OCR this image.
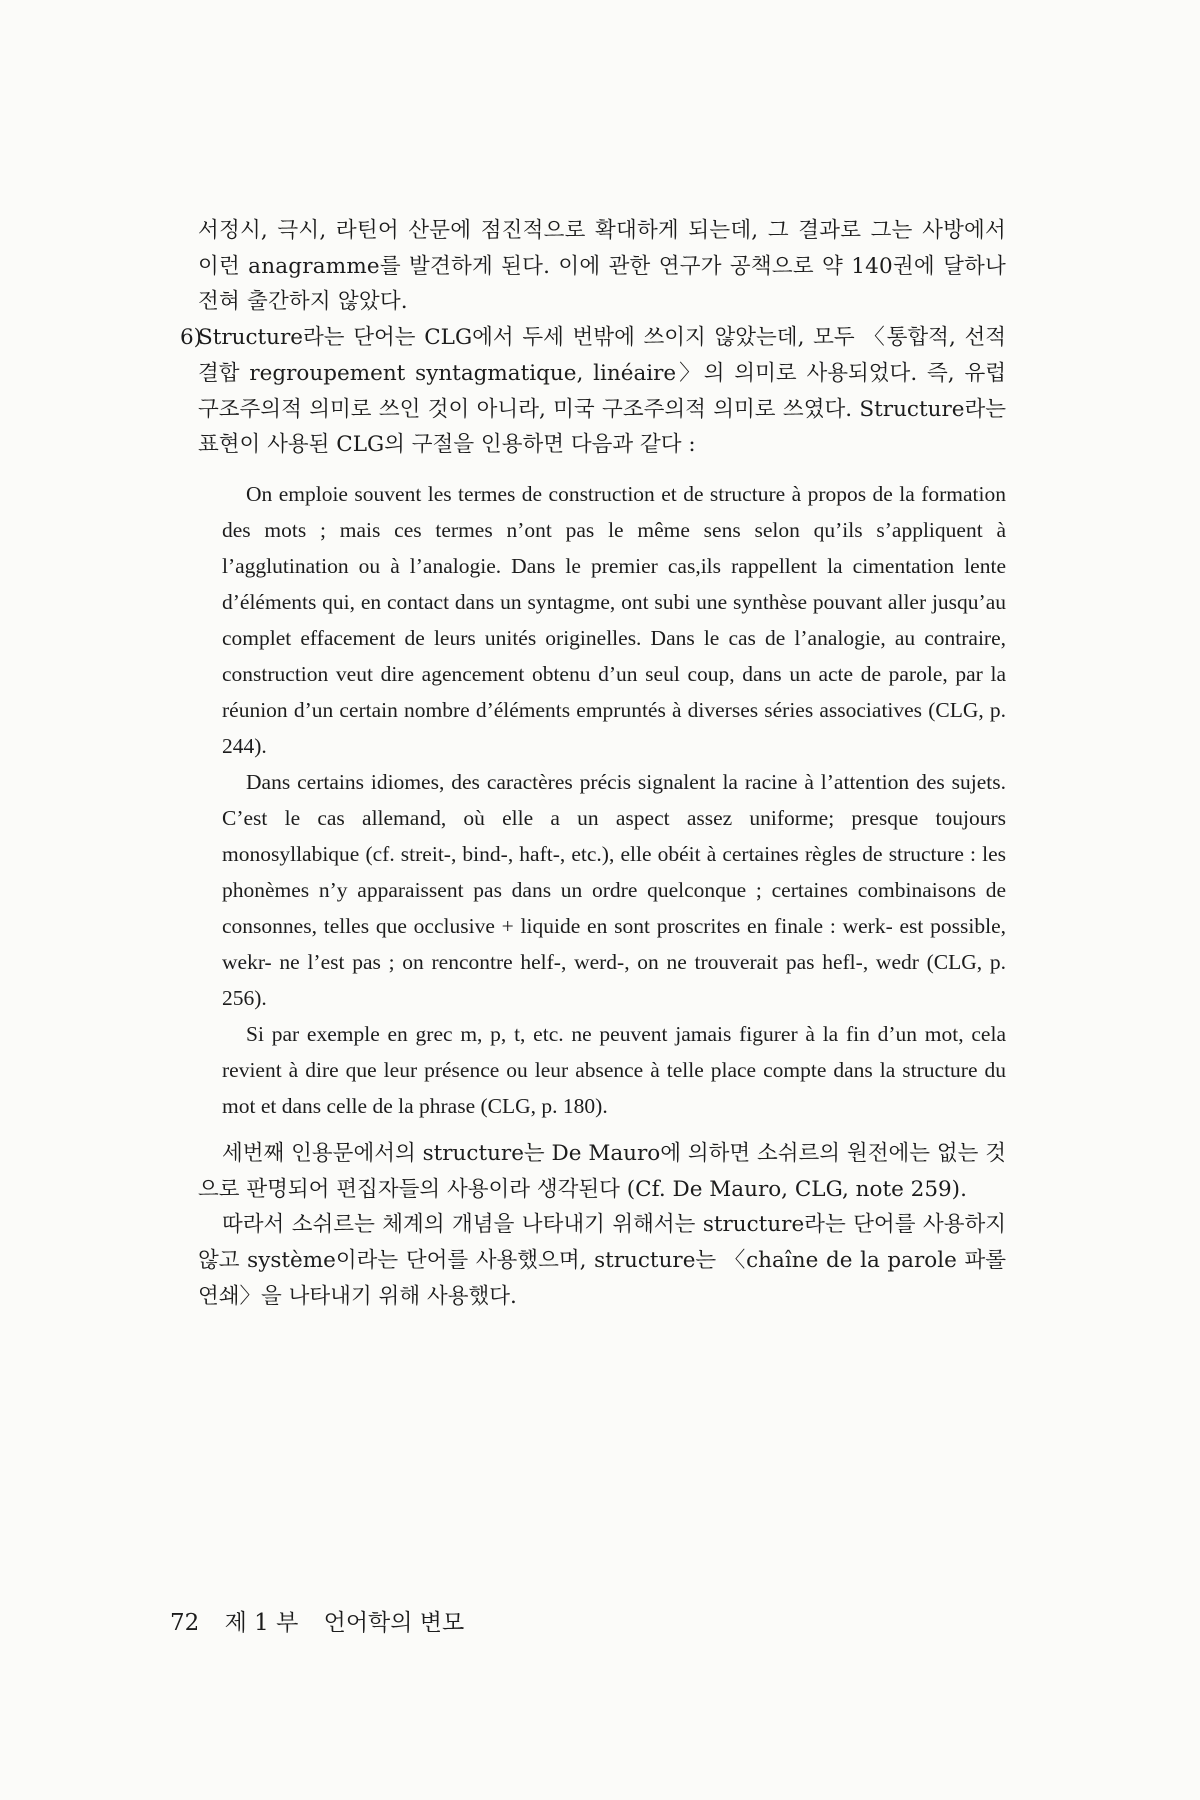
서정시, 극시, 라틴어 산문에 점진적으로 확대하게 되는데, 그 결과로 그는 사방에서 이런 anagramme를 발견하게 된다. 이에 관한 연구가 공책으로 약 140권에 달하나 전혀 출간하지 않았다.

6)Structure라는 단어는 CLG에서 두세 번밖에 쓰이지 않았는데, 모두 〈통합적, 선적 결합 regroupement syntagmatique, linéaire〉의 의미로 사용되었다. 즉, 유럽 구조주의적 의미로 쓰인 것이 아니라, 미국 구조주의적 의미로 쓰였다. Structure라는 표현이 사용된 CLG의 구절을 인용하면 다음과 같다 :

On emploie souvent les termes de construction et de structure à propos de la formation des mots ; mais ces termes n’ont pas le même sens selon qu’ils s’appliquent à l’agglutination ou à l’analogie. Dans le premier cas,ils rappellent la cimentation lente d’éléments qui, en contact dans un syntagme, ont subi une synthèse pouvant aller jusqu’au complet effacement de leurs unités originelles. Dans le cas de l’analogie, au contraire, construction veut dire agencement obtenu d’un seul coup, dans un acte de parole, par la réunion d’un certain nombre d’éléments empruntés à diverses séries associatives (CLG, p. 244).

Dans certains idiomes, des caractères précis signalent la racine à l’attention des sujets. C’est le cas allemand, où elle a un aspect assez uniforme; presque toujours monosyllabique (cf. streit-, bind-, haft-, etc.), elle obéit à certaines règles de structure : les phonèmes n’y apparaissent pas dans un ordre quelconque ; certaines combinaisons de consonnes, telles que occlusive + liquide en sont proscrites en finale : werk- est possible, wekr- ne l’est pas ; on rencontre helf-, werd-, on ne trouverait pas hefl-, wedr (CLG, p. 256).

Si par exemple en grec m, p, t, etc. ne peuvent jamais figurer à la fin d’un mot, cela revient à dire que leur présence ou leur absence à telle place compte dans la structure du mot et dans celle de la phrase (CLG, p. 180).

세번째 인용문에서의 structure는 De Mauro에 의하면 소쉬르의 원전에는 없는 것으로 판명되어 편집자들의 사용이라 생각된다 (Cf. De Mauro, CLG, note 259).

따라서 소쉬르는 체계의 개념을 나타내기 위해서는 structure라는 단어를 사용하지 않고 système이라는 단어를 사용했으며, structure는 〈chaîne de la parole 파롤 연쇄〉을 나타내기 위해 사용했다.

72 제 1 부 언어학의 변모
